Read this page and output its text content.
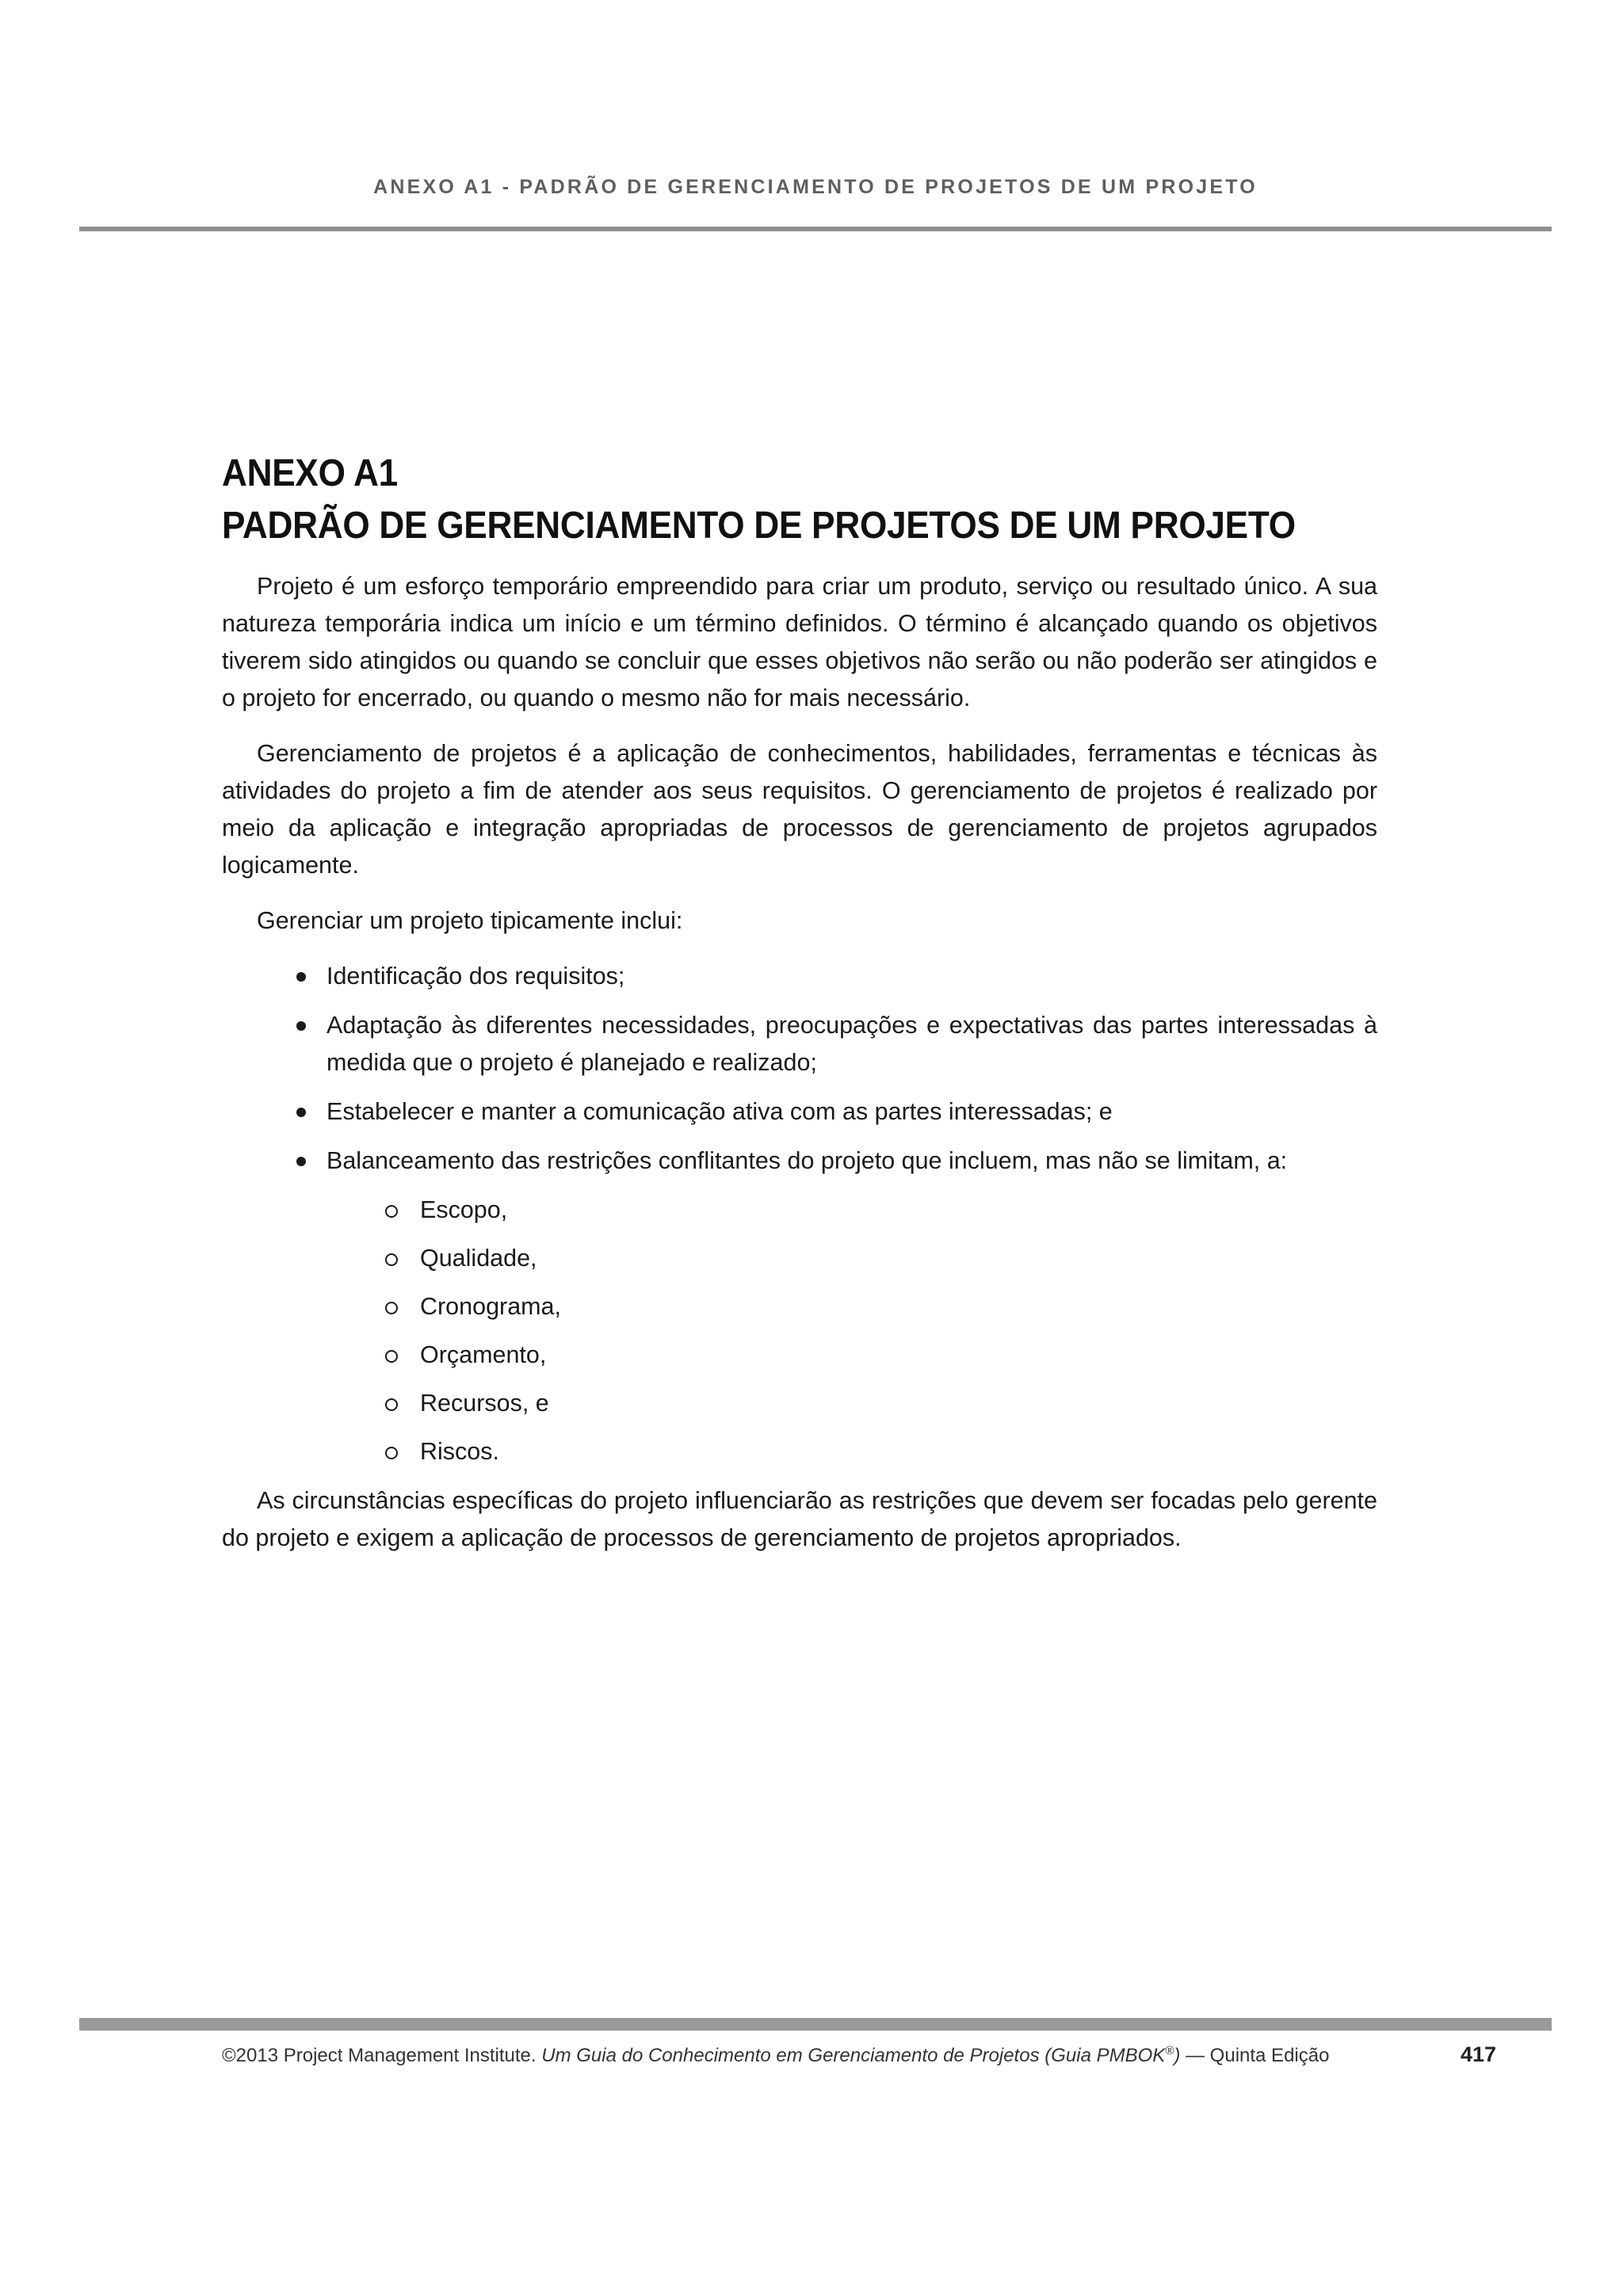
ANEXO A1 - PADRÃO DE GERENCIAMENTO DE PROJETOS DE UM PROJETO
ANEXO A1
PADRÃO DE GERENCIAMENTO DE PROJETOS DE UM PROJETO

Projeto é um esforço temporário empreendido para criar um produto, serviço ou resultado único. A sua natureza temporária indica um início e um término definidos. O término é alcançado quando os objetivos tiverem sido atingidos ou quando se concluir que esses objetivos não serão ou não poderão ser atingidos e o projeto for encerrado, ou quando o mesmo não for mais necessário.

Gerenciamento de projetos é a aplicação de conhecimentos, habilidades, ferramentas e técnicas às atividades do projeto a fim de atender aos seus requisitos. O gerenciamento de projetos é realizado por meio da aplicação e integração apropriadas de processos de gerenciamento de projetos agrupados logicamente.

Gerenciar um projeto tipicamente inclui:

Identificação dos requisitos;
Adaptação às diferentes necessidades, preocupações e expectativas das partes interessadas à medida que o projeto é planejado e realizado;
Estabelecer e manter a comunicação ativa com as partes interessadas; e
Balanceamento das restrições conflitantes do projeto que incluem, mas não se limitam, a:
Escopo,
Qualidade,
Cronograma,
Orçamento,
Recursos, e
Riscos.

As circunstâncias específicas do projeto influenciarão as restrições que devem ser focadas pelo gerente do projeto e exigem a aplicação de processos de gerenciamento de projetos apropriados.

©2013 Project Management Institute. Um Guia do Conhecimento em Gerenciamento de Projetos (Guia PMBOK®) — Quinta Edição	417
